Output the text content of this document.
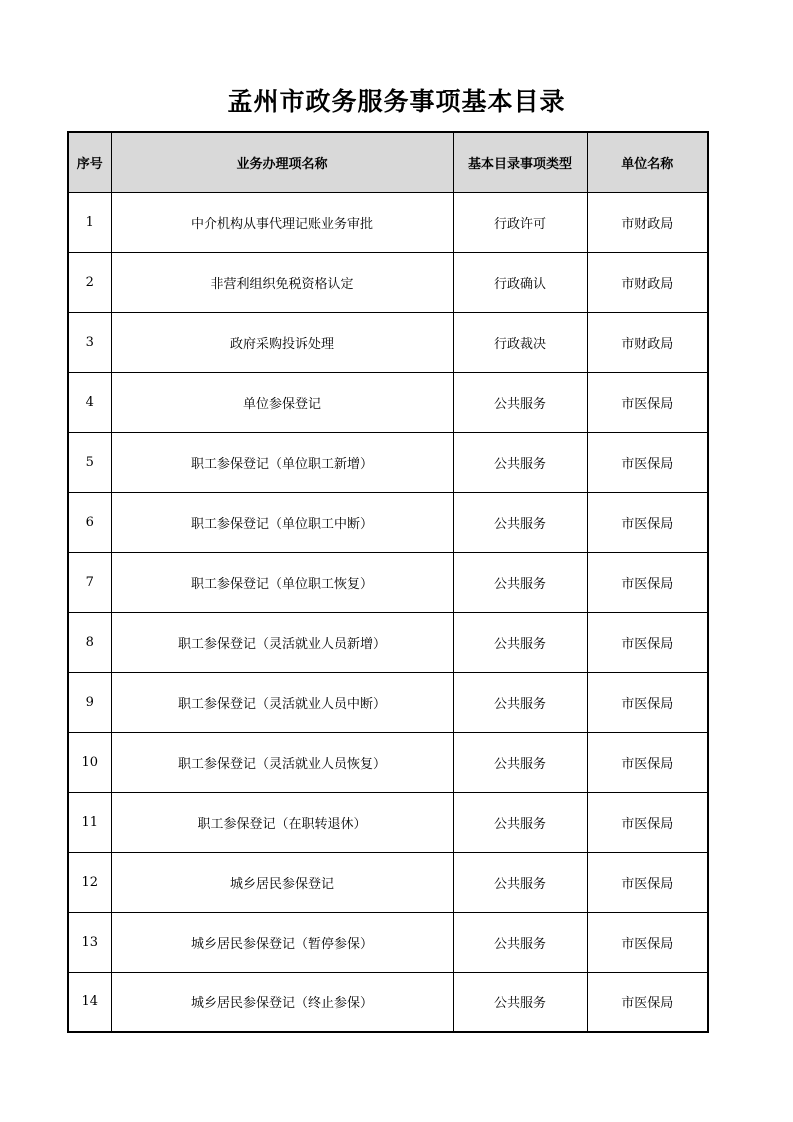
孟州市政务服务事项基本目录
序号	业务办理项名称	基本目录事项类型	单位名称
1	中介机构从事代理记账业务审批	行政许可	市财政局
2	非营利组织免税资格认定	行政确认	市财政局
3	政府采购投诉处理	行政裁决	市财政局
4	单位参保登记	公共服务	市医保局
5	职工参保登记（单位职工新增）	公共服务	市医保局
6	职工参保登记（单位职工中断）	公共服务	市医保局
7	职工参保登记（单位职工恢复）	公共服务	市医保局
8	职工参保登记（灵活就业人员新增）	公共服务	市医保局
9	职工参保登记（灵活就业人员中断）	公共服务	市医保局
10	职工参保登记（灵活就业人员恢复）	公共服务	市医保局
11	职工参保登记（在职转退休）	公共服务	市医保局
12	城乡居民参保登记	公共服务	市医保局
13	城乡居民参保登记（暂停参保）	公共服务	市医保局
14	城乡居民参保登记（终止参保）	公共服务	市医保局
